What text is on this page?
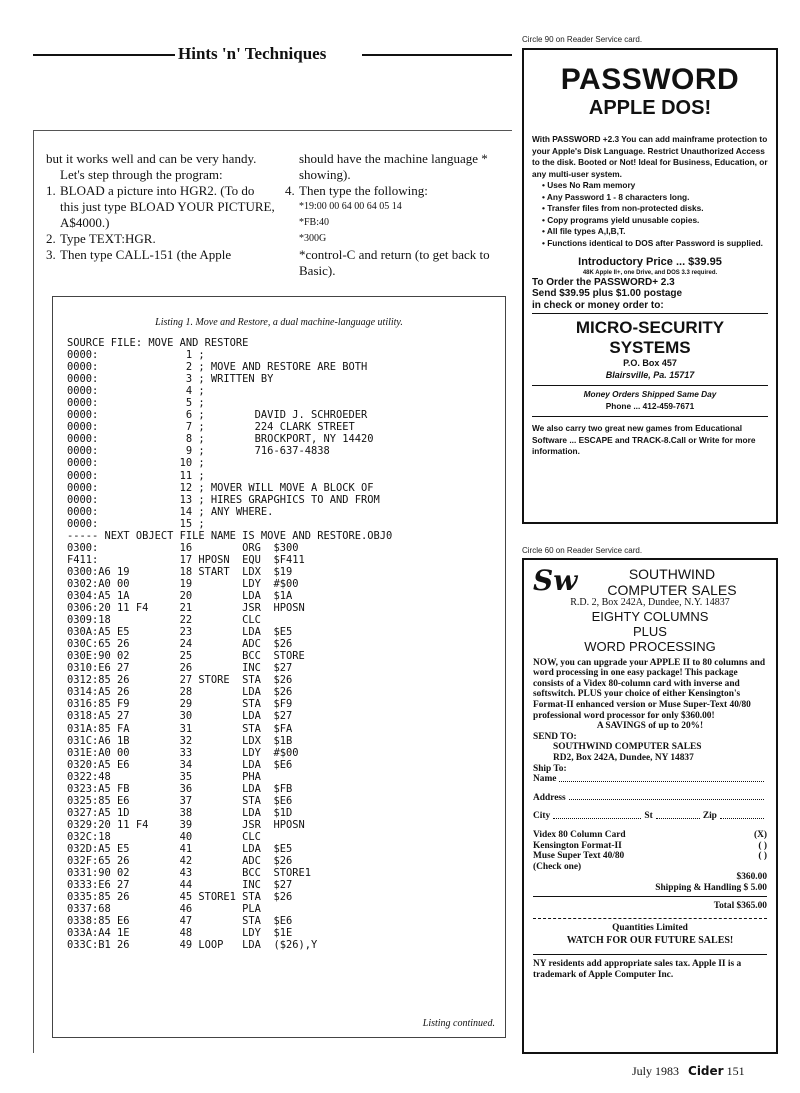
Hints 'n' Techniques

but it works well and can be very handy.

Let's step through the program:

1. BLOAD a picture into HGR2. (To do this just type BLOAD YOUR PICTURE, A$4000.)
2. Type TEXT:HGR.
3. Then type CALL-151 (the Apple

should have the machine language * showing).

4. Then type the following:

*19:00 00 64 00 64 05 14

*FB:40

*300G

*control-C and return (to get back to Basic).

Listing 1. Move and Restore, a dual machine-language utility.
SOURCE FILE: MOVE AND RESTORE
0000:              1 ;
0000:              2 ; MOVE AND RESTORE ARE BOTH
0000:              3 ; WRITTEN BY
0000:              4 ;
0000:              5 ;
0000:              6 ;        DAVID J. SCHROEDER
0000:              7 ;        224 CLARK STREET
0000:              8 ;        BROCKPORT, NY 14420
0000:              9 ;        716-637-4838
0000:             10 ;
0000:             11 ;
0000:             12 ; MOVER WILL MOVE A BLOCK OF
0000:             13 ; HIRES GRAPGHICS TO AND FROM
0000:             14 ; ANY WHERE.
0000:             15 ;
----- NEXT OBJECT FILE NAME IS MOVE AND RESTORE.OBJ0
0300:             16        ORG  $300
F411:             17 HPOSN  EQU  $F411
0300:A6 19        18 START  LDX  $19
0302:A0 00        19        LDY  #$00
0304:A5 1A        20        LDA  $1A
0306:20 11 F4     21        JSR  HPOSN
0309:18           22        CLC
030A:A5 E5        23        LDA  $E5
030C:65 26        24        ADC  $26
030E:90 02        25        BCC  STORE
0310:E6 27        26        INC  $27
0312:85 26        27 STORE  STA  $26
0314:A5 26        28        LDA  $26
0316:85 F9        29        STA  $F9
0318:A5 27        30        LDA  $27
031A:85 FA        31        STA  $FA
031C:A6 1B        32        LDX  $1B
031E:A0 00        33        LDY  #$00
0320:A5 E6        34        LDA  $E6
0322:48           35        PHA
0323:A5 FB        36        LDA  $FB
0325:85 E6        37        STA  $E6
0327:A5 1D        38        LDA  $1D
0329:20 11 F4     39        JSR  HPOSN
032C:18           40        CLC
032D:A5 E5        41        LDA  $E5
032F:65 26        42        ADC  $26
0331:90 02        43        BCC  STORE1
0333:E6 27        44        INC  $27
0335:85 26        45 STORE1 STA  $26
0337:68           46        PLA
0338:85 E6        47        STA  $E6
033A:A4 1E        48        LDY  $1E
033C:B1 26        49 LOOP   LDA  ($26),Y
Listing continued.
Circle 90 on Reader Service card.
PASSWORD
APPLE DOS!
With PASSWORD +2.3 You can add mainframe protection to your Apple's Disk Language. Restrict Unauthorized Access to the disk. Booted or Not! Ideal for Business, Education, or any multi-user system.
• Uses No Ram memory
• Any Password 1 - 8 characters long.
• Transfer files from non-protected disks.
• Copy programs yield unusable copies.
• All file types A,I,B,T.
• Functions identical to DOS after Password is supplied.
Introductory Price ... $39.95
48K Apple II+, one Drive, and DOS 3.3 required.
To Order the PASSWORD+ 2.3
Send $39.95 plus $1.00 postage
in check or money order to:
MICRO-SECURITY
SYSTEMS
P.O. Box 457
Blairsville, Pa. 15717
Money Orders Shipped Same Day
Phone ... 412-459-7671
We also carry two great new games from Educational Software ... ESCAPE and TRACK-8.Call or Write for more information.
Circle 60 on Reader Service card.
Sw	SOUTHWIND
COMPUTER SALES
R.D. 2, Box 242A, Dundee, N.Y. 14837
EIGHTY COLUMNS
PLUS
WORD PROCESSING
NOW, you can upgrade your APPLE II to 80 columns and word processing in one easy package! This package consists of a Videx 80-column card with inverse and softswitch. PLUS your choice of either Kensington's Format-II enhanced version or Muse Super-Text 40/80 professional word processor for only $360.00!
A SAVINGS of up to 20%!
SEND TO:
SOUTHWIND COMPUTER SALES
RD2, Box 242A, Dundee, NY 14837
Ship To:
Name
Address
City	St	Zip
Videx 80 Column Card	(X)
Kensington Format-II	( )
Muse Super Text 40/80	( )
(Check one)
$360.00
Shipping & Handling $ 5.00
Total $365.00
Quantities Limited
WATCH FOR OUR FUTURE SALES!
NY residents add appropriate sales tax. Apple II is a trademark of Apple Computer Inc.
July 1983 Cider 151
